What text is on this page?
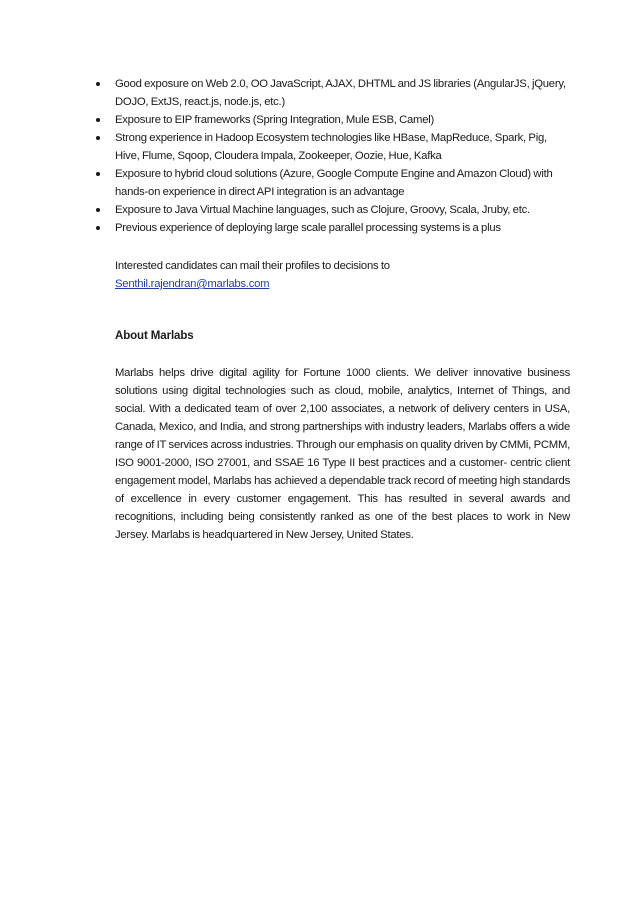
Good exposure on Web 2.0, OO JavaScript, AJAX, DHTML and JS libraries (AngularJS, jQuery, DOJO, ExtJS, react.js, node.js, etc.)
Exposure to EIP frameworks (Spring Integration, Mule ESB, Camel)
Strong experience in Hadoop Ecosystem technologies like HBase, MapReduce, Spark, Pig, Hive, Flume, Sqoop, Cloudera Impala, Zookeeper, Oozie, Hue, Kafka
Exposure to hybrid cloud solutions (Azure, Google Compute Engine and Amazon Cloud) with hands-on experience in direct API integration is an advantage
Exposure to Java Virtual Machine languages, such as Clojure, Groovy, Scala, Jruby, etc.
Previous experience of deploying large scale parallel processing systems is a plus
Interested candidates can mail their profiles to decisions to
Senthil.rajendran@marlabs.com
About Marlabs
Marlabs helps drive digital agility for Fortune 1000 clients. We deliver innovative business solutions using digital technologies such as cloud, mobile, analytics, Internet of Things, and social. With a dedicated team of over 2,100 associates, a network of delivery centers in USA, Canada, Mexico, and India, and strong partnerships with industry leaders, Marlabs offers a wide range of IT services across industries. Through our emphasis on quality driven by CMMi, PCMM, ISO 9001-2000, ISO 27001, and SSAE 16 Type II best practices and a customer- centric client engagement model, Marlabs has achieved a dependable track record of meeting high standards of excellence in every customer engagement. This has resulted in several awards and recognitions, including being consistently ranked as one of the best places to work in New Jersey. Marlabs is headquartered in New Jersey, United States.
